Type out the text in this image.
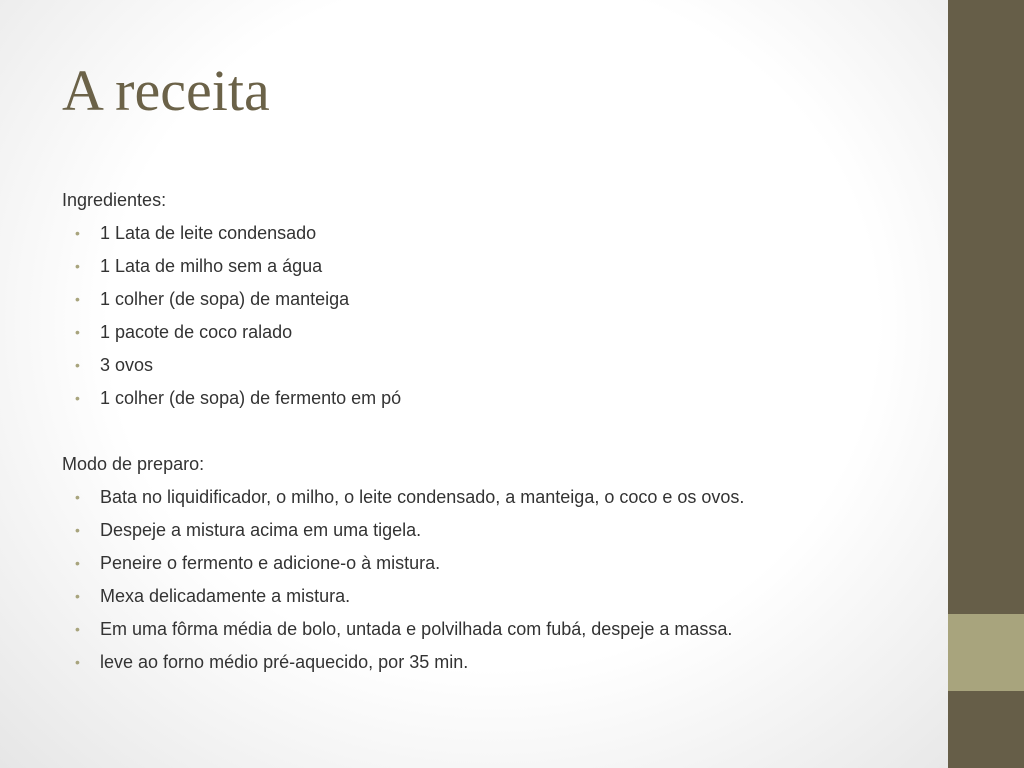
A receita

Ingredientes:

• 1 Lata de leite condensado
• 1 Lata de milho sem a água
• 1 colher (de sopa) de manteiga
• 1 pacote de coco ralado
• 3 ovos
• 1 colher (de sopa) de fermento em pó

Modo de preparo:

• Bata no liquidificador, o milho, o leite condensado, a manteiga, o coco e os ovos.
• Despeje a mistura acima em uma tigela.
• Peneire o fermento e adicione-o à mistura.
• Mexa delicadamente a mistura.
• Em uma fôrma média de bolo, untada e polvilhada com fubá, despeje a massa.
• leve ao forno médio pré-aquecido, por 35 min.
